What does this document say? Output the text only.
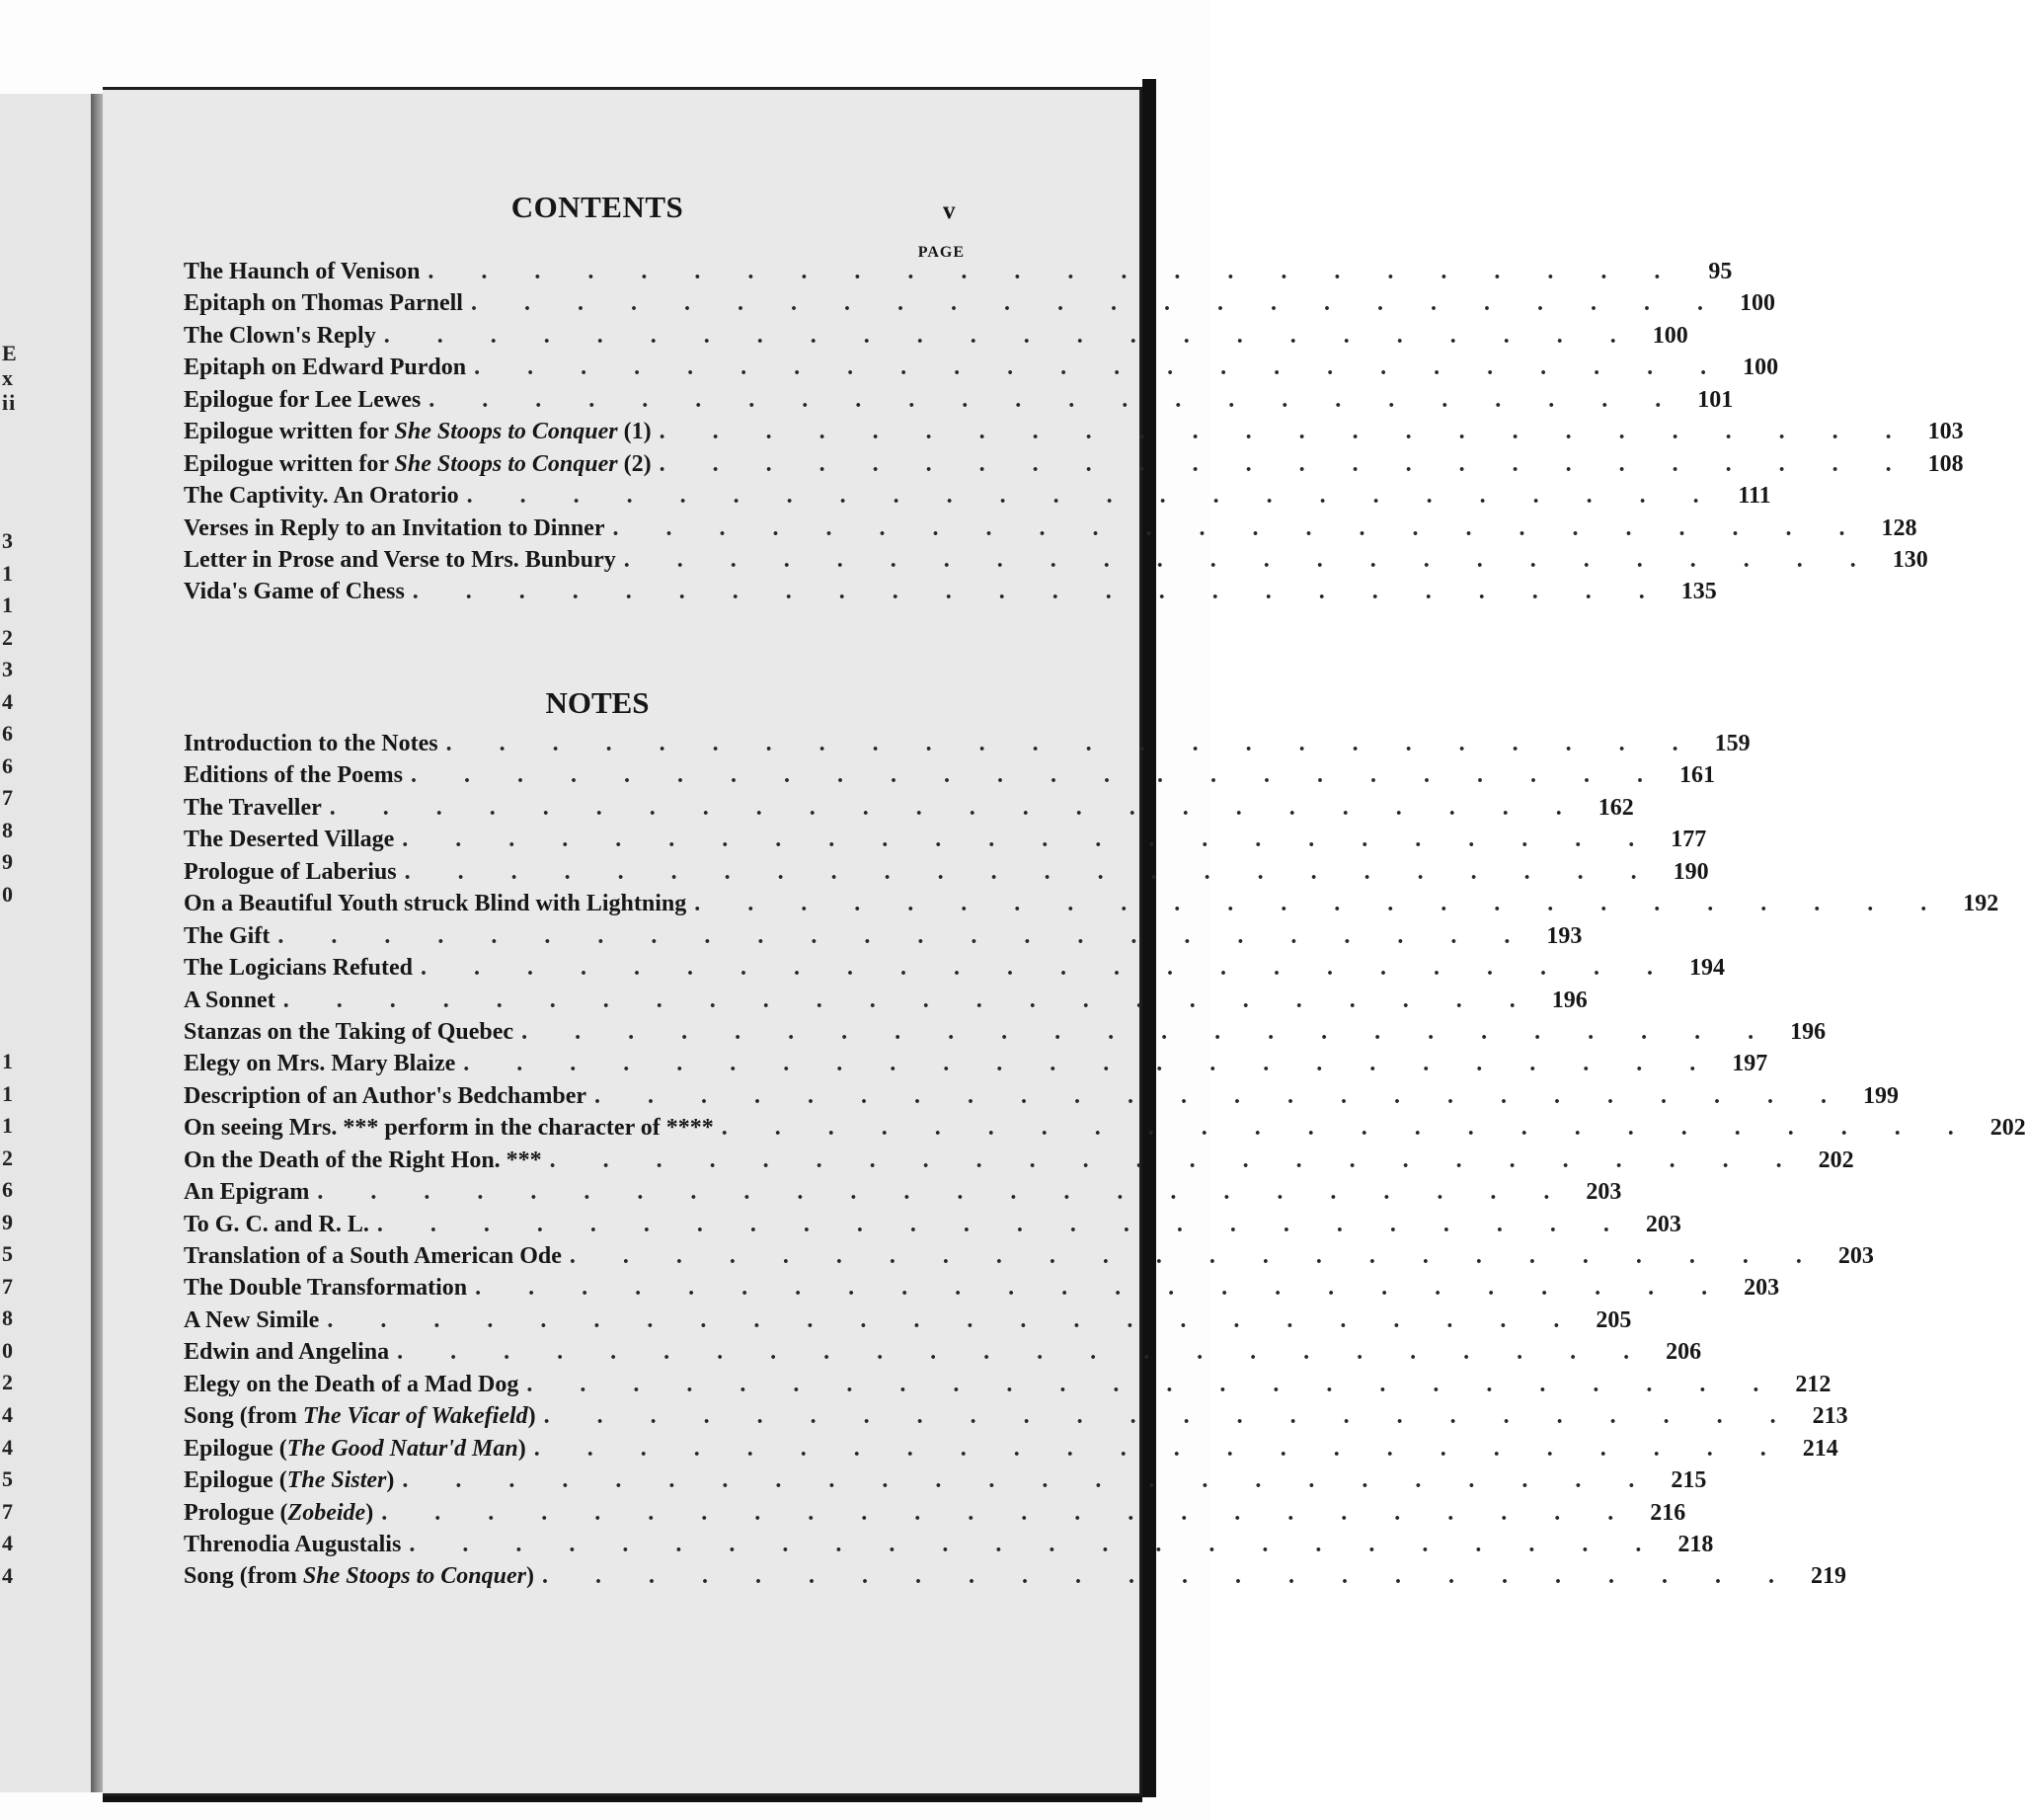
E
x
ii
3
1
1
2
3
4
6
6
7
8
9
0
1
1
1
2
6
9
5
7
8
0
2
4
4
5
7
4
4
CONTENTS	v
PAGE
The Haunch of Venison . . . . . . . . . . . . . . . . . . . . . . . .	95
Epitaph on Thomas Parnell . . . . . . . . . . . . . . . . . . . . . . . . 100
The Clown's Reply . . . . . . . . . . . . . . . . . . . . . . . . 100
Epitaph on Edward Purdon . . . . . . . . . . . . . . . . . . . . . . . . 100
Epilogue for Lee Lewes . . . . . . . . . . . . . . . . . . . . . . . . 101
Epilogue written for She Stoops to Conquer (1) . . . . . . . . . . . . . . . . . . . . . . . . 103
Epilogue written for She Stoops to Conquer (2) . . . . . . . . . . . . . . . . . . . . . . . . 108
The Captivity. An Oratorio . . . . . . . . . . . . . . . . . . . . . . . . 111
Verses in Reply to an Invitation to Dinner . . . . . . . . . . . . . . . . . . . . . . . . 128
Letter in Prose and Verse to Mrs. Bunbury . . . . . . . . . . . . . . . . . . . . . . . . 130
Vida's Game of Chess . . . . . . . . . . . . . . . . . . . . . . . . 135
NOTES
Introduction to the Notes . . . . . . . . . . . . . . . . . . . . . . . . 159
Editions of the Poems . . . . . . . . . . . . . . . . . . . . . . . . 161
The Traveller . . . . . . . . . . . . . . . . . . . . . . . . 162
The Deserted Village . . . . . . . . . . . . . . . . . . . . . . . . 177
Prologue of Laberius . . . . . . . . . . . . . . . . . . . . . . . . 190
On a Beautiful Youth struck Blind with Lightning . . . . . . . . . . . . . . . . . . . . . . . . 192
The Gift . . . . . . . . . . . . . . . . . . . . . . . . 193
The Logicians Refuted . . . . . . . . . . . . . . . . . . . . . . . . 194
A Sonnet . . . . . . . . . . . . . . . . . . . . . . . . 196
Stanzas on the Taking of Quebec . . . . . . . . . . . . . . . . . . . . . . . . 196
Elegy on Mrs. Mary Blaize . . . . . . . . . . . . . . . . . . . . . . . . 197
Description of an Author's Bedchamber . . . . . . . . . . . . . . . . . . . . . . . . 199
On seeing Mrs. *** perform in the character of **** . . . . . . . . . . . . . . . . . . . . . . . . 202
On the Death of the Right Hon. *** . . . . . . . . . . . . . . . . . . . . . . . . 202
An Epigram . . . . . . . . . . . . . . . . . . . . . . . . 203
To G. C. and R. L. . . . . . . . . . . . . . . . . . . . . . . . . 203
Translation of a South American Ode . . . . . . . . . . . . . . . . . . . . . . . . 203
The Double Transformation . . . . . . . . . . . . . . . . . . . . . . . . 203
A New Simile . . . . . . . . . . . . . . . . . . . . . . . . 205
Edwin and Angelina . . . . . . . . . . . . . . . . . . . . . . . . 206
Elegy on the Death of a Mad Dog . . . . . . . . . . . . . . . . . . . . . . . . 212
Song (from The Vicar of Wakefield) . . . . . . . . . . . . . . . . . . . . . . . . 213
Epilogue (The Good Natur'd Man) . . . . . . . . . . . . . . . . . . . . . . . . 214
Epilogue (The Sister) . . . . . . . . . . . . . . . . . . . . . . . . 215
Prologue (Zobeide) . . . . . . . . . . . . . . . . . . . . . . . . 216
Threnodia Augustalis . . . . . . . . . . . . . . . . . . . . . . . . 218
Song (from She Stoops to Conquer) . . . . . . . . . . . . . . . . . . . . . . . . 219
